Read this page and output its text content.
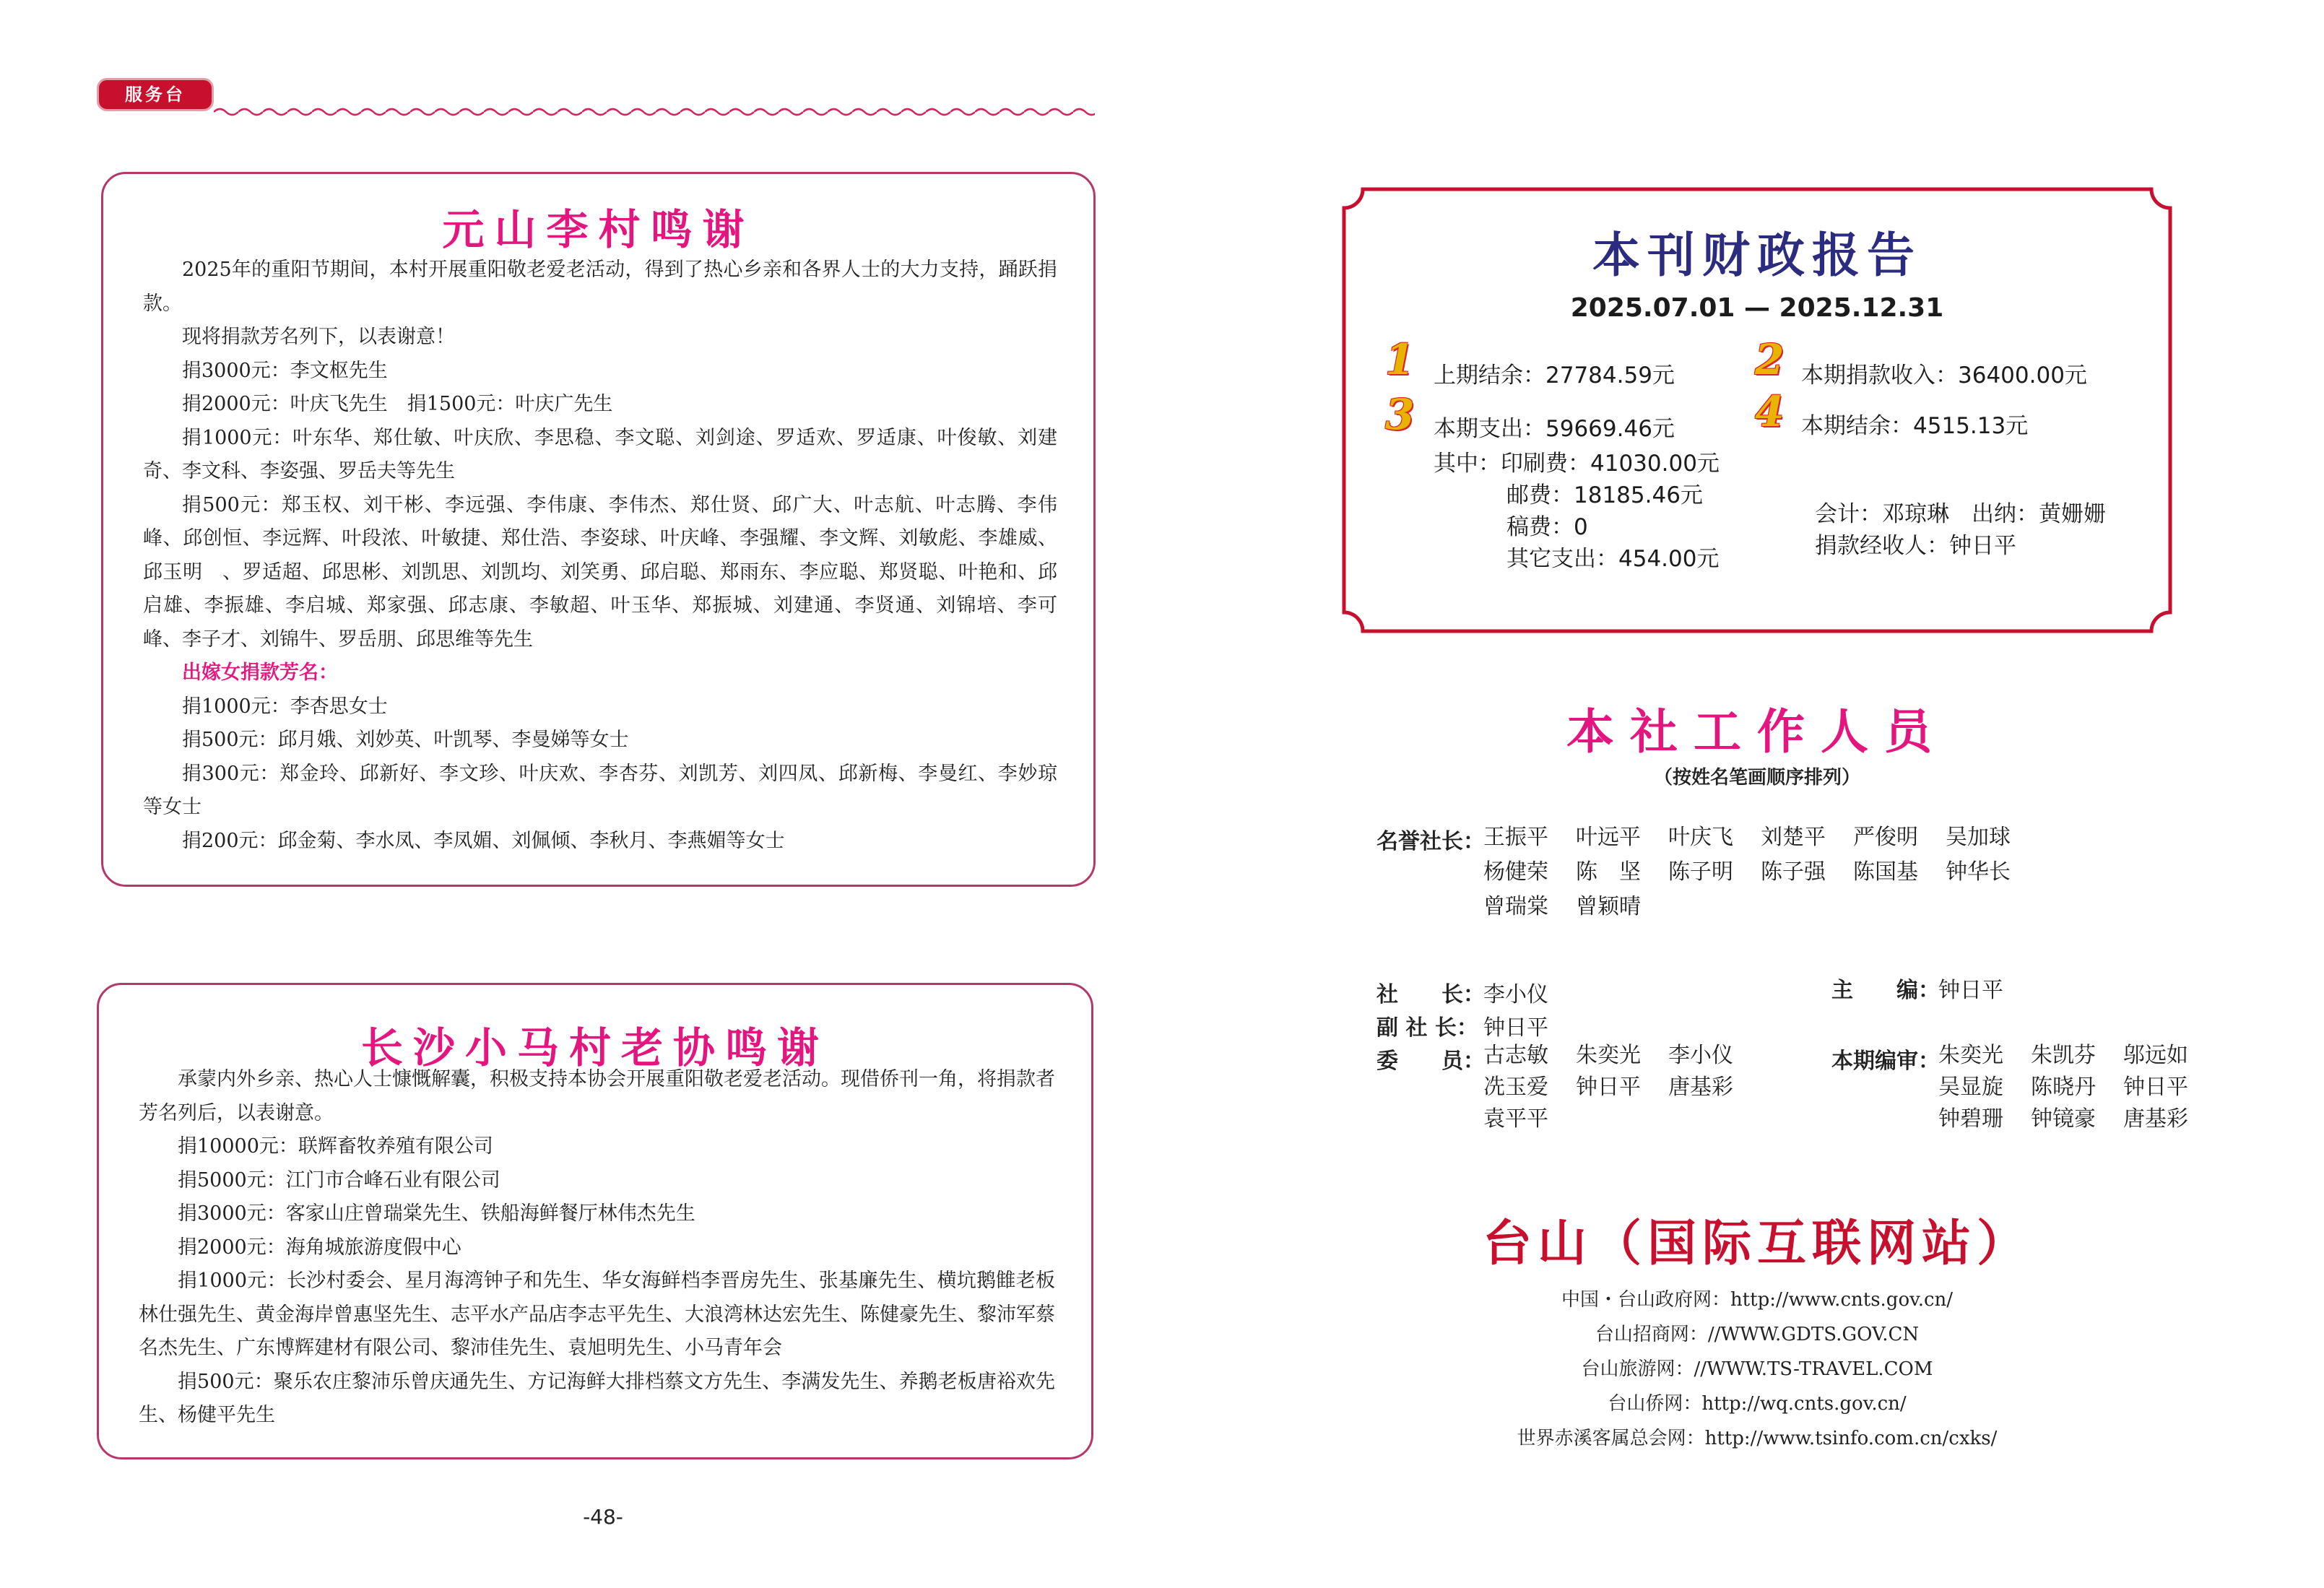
服务台
元山李村鸣谢

2025年的重阳节期间，本村开展重阳敬老爱老活动，得到了热心乡亲和各界人士的大力支持，踊跃捐款。

现将捐款芳名列下，以表谢意！

捐3000元：李文枢先生

捐2000元：叶庆飞先生　捐1500元：叶庆广先生

捐1000元：叶东华、郑仕敏、叶庆欣、李思稳、李文聪、刘剑途、罗适欢、罗适康、叶俊敏、刘建奇、李文科、李姿强、罗岳夫等先生

捐500元：郑玉权、刘干彬、李远强、李伟康、李伟杰、郑仕贤、邱广大、叶志航、叶志腾、李伟峰、邱创恒、李远辉、叶段浓、叶敏捷、郑仕浩、李姿球、叶庆峰、李强耀、李文辉、刘敏彪、李雄威、邱玉明　、罗适超、邱思彬、刘凯思、刘凯均、刘笑勇、邱启聪、郑雨东、李应聪、郑贤聪、叶艳和、邱启雄、李振雄、李启城、郑家强、邱志康、李敏超、叶玉华、郑振城、刘建通、李贤通、刘锦培、李可峰、李子才、刘锦牛、罗岳朋、邱思维等先生

出嫁女捐款芳名：

捐1000元：李杏思女士

捐500元：邱月娥、刘妙英、叶凯琴、李曼娣等女士

捐300元：郑金玲、邱新好、李文珍、叶庆欢、李杏芬、刘凯芳、刘四凤、邱新梅、李曼红、李妙琼等女士

捐200元：邱金菊、李水凤、李凤媚、刘佩倾、李秋月、李燕媚等女士

长沙小马村老协鸣谢

承蒙内外乡亲、热心人士慷慨解囊，积极支持本协会开展重阳敬老爱老活动。现借侨刊一角，将捐款者芳名列后，以表谢意。

捐10000元：联辉畜牧养殖有限公司

捐5000元：江门市合峰石业有限公司

捐3000元：客家山庄曾瑞棠先生、铁船海鲜餐厅林伟杰先生

捐2000元：海角城旅游度假中心

捐1000元：长沙村委会、星月海湾钟子和先生、华女海鲜档李晋房先生、张基廉先生、横坑鹅雔老板林仕强先生、黄金海岸曾惠坚先生、志平水产品店李志平先生、大浪湾林达宏先生、陈健豪先生、黎沛军蔡名杰先生、广东博辉建材有限公司、黎沛佳先生、袁旭明先生、小马青年会

捐500元：聚乐农庄黎沛乐曾庆通先生、方记海鲜大排档蔡文方先生、李满发先生、养鹅老板唐裕欢先生、杨健平先生

-48-
本刊财政报告
2025.07.01 — 2025.12.31
1 上期结余：27784.59元 2 本期捐款收入：36400.00元
3 本期支出：59669.46元 4 本期结余：4515.13元
其中：印刷费：41030.00元
邮费：18185.46元
稿费：0
其它支出：454.00元
会计：邓琼琳　出纳：黄姗姗
捐款经收人：钟日平
本社工作人员
（按姓名笔画顺序排列）
名誉社长：
王振平 叶远平 叶庆飞 刘楚平 严俊明 吴加球
杨健荣 陈　坚 陈子明 陈子强 陈国基 钟华长
曾瑞棠 曾颖晴
社　　长：
李小仪
副 社 长： 钟日平
委　　员：
古志敏 朱奕光 李小仪
冼玉爱 钟日平 唐基彩
袁平平
主　　编：
钟日平
本期编审：
朱奕光 朱凯芬 邬远如
吴显旋 陈晓丹 钟日平
钟碧珊 钟镜豪 唐基彩
台山（国际互联网站）
中国・台山政府网：http://www.cnts.gov.cn/
台山招商网：//WWW.GDTS.GOV.CN
台山旅游网：//WWW.TS-TRAVEL.COM
台山侨网：http://wq.cnts.gov.cn/
世界赤溪客属总会网：http://www.tsinfo.com.cn/cxks/
